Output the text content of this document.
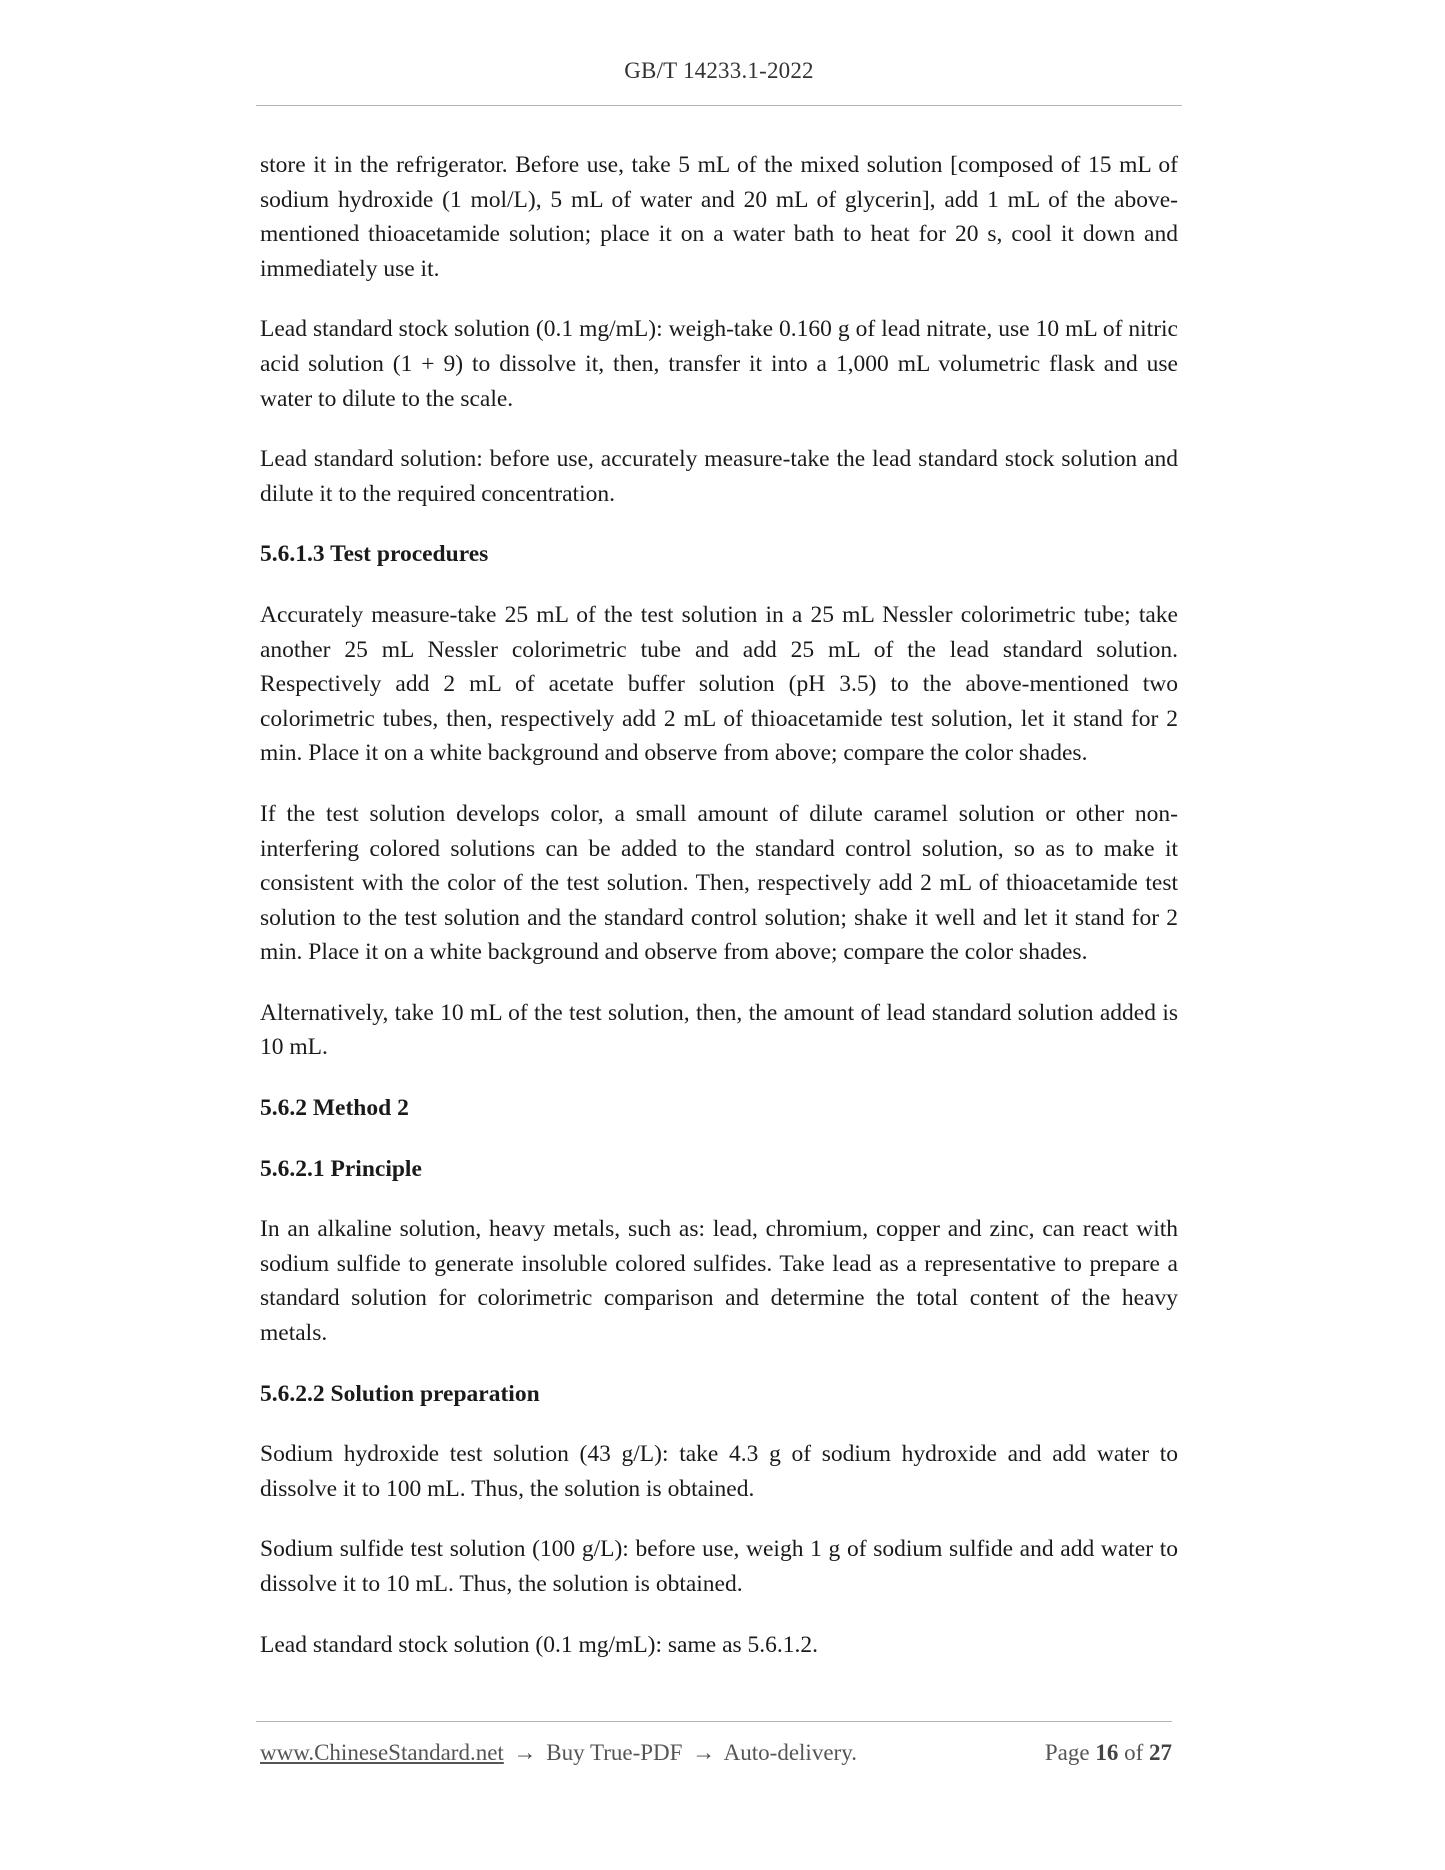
GB/T 14233.1-2022

store it in the refrigerator. Before use, take 5 mL of the mixed solution [composed of 15 mL of sodium hydroxide (1 mol/L), 5 mL of water and 20 mL of glycerin], add 1 mL of the above-mentioned thioacetamide solution; place it on a water bath to heat for 20 s, cool it down and immediately use it.

Lead standard stock solution (0.1 mg/mL): weigh-take 0.160 g of lead nitrate, use 10 mL of nitric acid solution (1 + 9) to dissolve it, then, transfer it into a 1,000 mL volumetric flask and use water to dilute to the scale.

Lead standard solution: before use, accurately measure-take the lead standard stock solution and dilute it to the required concentration.

5.6.1.3 Test procedures

Accurately measure-take 25 mL of the test solution in a 25 mL Nessler colorimetric tube; take another 25 mL Nessler colorimetric tube and add 25 mL of the lead standard solution. Respectively add 2 mL of acetate buffer solution (pH 3.5) to the above-mentioned two colorimetric tubes, then, respectively add 2 mL of thioacetamide test solution, let it stand for 2 min. Place it on a white background and observe from above; compare the color shades.

If the test solution develops color, a small amount of dilute caramel solution or other non-interfering colored solutions can be added to the standard control solution, so as to make it consistent with the color of the test solution. Then, respectively add 2 mL of thioacetamide test solution to the test solution and the standard control solution; shake it well and let it stand for 2 min. Place it on a white background and observe from above; compare the color shades.

Alternatively, take 10 mL of the test solution, then, the amount of lead standard solution added is 10 mL.

5.6.2 Method 2
5.6.2.1 Principle

In an alkaline solution, heavy metals, such as: lead, chromium, copper and zinc, can react with sodium sulfide to generate insoluble colored sulfides. Take lead as a representative to prepare a standard solution for colorimetric comparison and determine the total content of the heavy metals.

5.6.2.2 Solution preparation

Sodium hydroxide test solution (43 g/L): take 4.3 g of sodium hydroxide and add water to dissolve it to 100 mL. Thus, the solution is obtained.

Sodium sulfide test solution (100 g/L): before use, weigh 1 g of sodium sulfide and add water to dissolve it to 10 mL. Thus, the solution is obtained.

Lead standard stock solution (0.1 mg/mL): same as 5.6.1.2.

www.ChineseStandard.net → Buy True-PDF → Auto-delivery.	Page 16 of 27
